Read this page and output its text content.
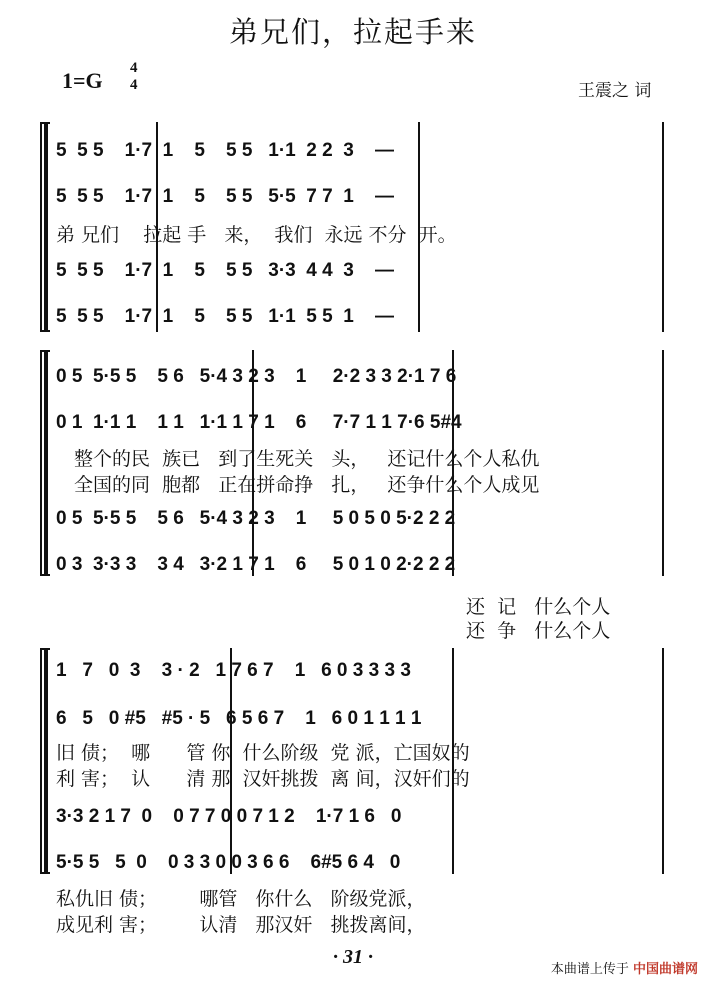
弟兄们，拉起手来
1=G 4
4	王震之 词
5  5 5    1·7  1    5    5 5   1·1  2 2  3    —
5  5 5    1·7  1    5    5 5   5·5  7 7  1    —
弟 兄们    拉起 手   来，  我们  永远 不分  开。
5  5 5    1·7  1    5    5 5   3·3  4 4  3    —
5  5 5    1·7  1    5    5 5   1·1  5 5  1    —
0 5  5·5 5    5 6   5·4 3 2 3    1     2·2 3 3 2·1 7 6
0 1  1·1 1    1 1   1·1 1 7 1    6     7·7 1 1 7·6 5#4
整个的民  族已   到了生死关   头，   还记什么个人私仇
全国的同  胞都   正在拼命挣   扎，   还争什么个人成见
0 5  5·5 5    5 6   5·4 3 2 3    1     5 0 5 0 5·2 2 2
0 3  3·3 3    3 4   3·2 1 7 1    6     5 0 1 0 2·2 2 2
还  记   什么个人
还  争   什么个人
1   7   0  3    3 · 2   1 7 6 7    1   6 0 3 3 3 3
6   5   0 #5   #5 · 5   6 5 6 7    1   6 0 1 1 1 1
旧 债；  哪      管 你  什么阶级  党 派，亡国奴的
利 害；  认      清 那  汉奸挑拨  离 间，汉奸们的
3·3 2 1 7  0    0 7 7 0 0 7 1 2    1·7 1 6   0
5·5 5   5  0    0 3 3 0 0 3 6 6    6#5 6 4   0
私仇旧 债；       哪管   你什么   阶级党派，
成见利 害；       认清   那汉奸   挑拨离间，
· 31 ·
本曲谱上传于 中国曲谱网
